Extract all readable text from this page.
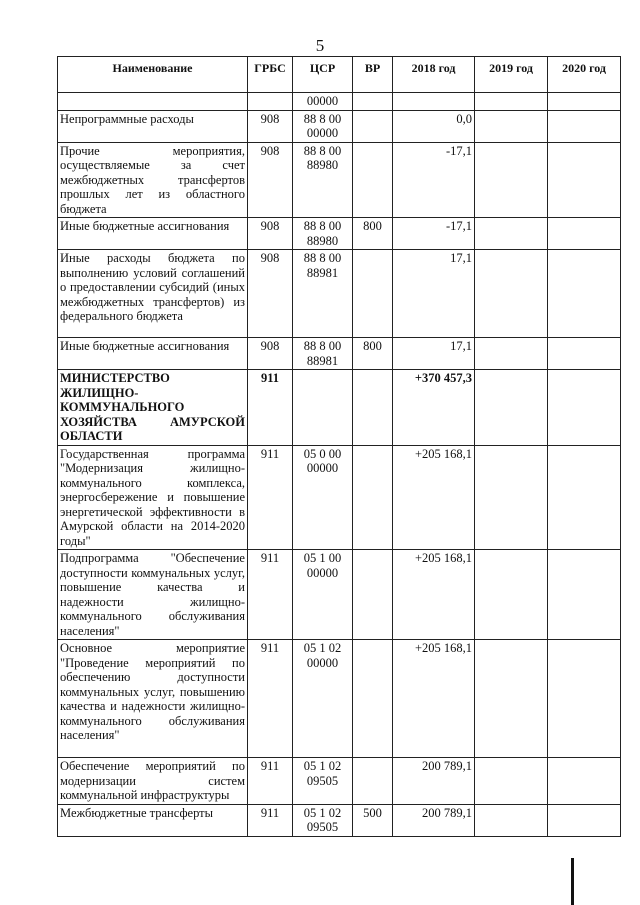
5
Наименование	ГРБС	ЦСР	ВР	2018 год	2019 год	2020 год
		00000				
Непрограммные расходы	908	88 8 00 00000		0,0		
Прочие мероприятия, осуществляемые за счет межбюджетных трансфертов прошлых лет из областного бюджета	908	88 8 00 88980		-17,1		
Иные бюджетные ассигнования	908	88 8 00 88980	800	-17,1		
Иные расходы бюджета по выполнению условий соглашений о предоставлении субсидий (иных межбюджетных трансфертов) из федерального бюджета	908	88 8 00 88981		17,1		
Иные бюджетные ассигнования	908	88 8 00 88981	800	17,1		
МИНИСТЕРСТВО ЖИЛИЩНО-КОММУНАЛЬНОГО ХОЗЯЙСТВА АМУРСКОЙ ОБЛАСТИ	911			+370 457,3		
Государственная программа "Модернизация жилищно-коммунального комплекса, энергосбережение и повышение энергетической эффективности в Амурской области на 2014-2020 годы"	911	05 0 00 00000		+205 168,1		
Подпрограмма "Обеспечение доступности коммунальных услуг, повышение качества и надежности жилищно-коммунального обслуживания населения"	911	05 1 00 00000		+205 168,1		
Основное мероприятие "Проведение мероприятий по обеспечению доступности коммунальных услуг, повышению качества и надежности жилищно-коммунального обслуживания населения"	911	05 1 02 00000		+205 168,1		
Обеспечение мероприятий по модернизации систем коммунальной инфраструктуры	911	05 1 02 09505		200 789,1		
Межбюджетные трансферты	911	05 1 02 09505	500	200 789,1		
